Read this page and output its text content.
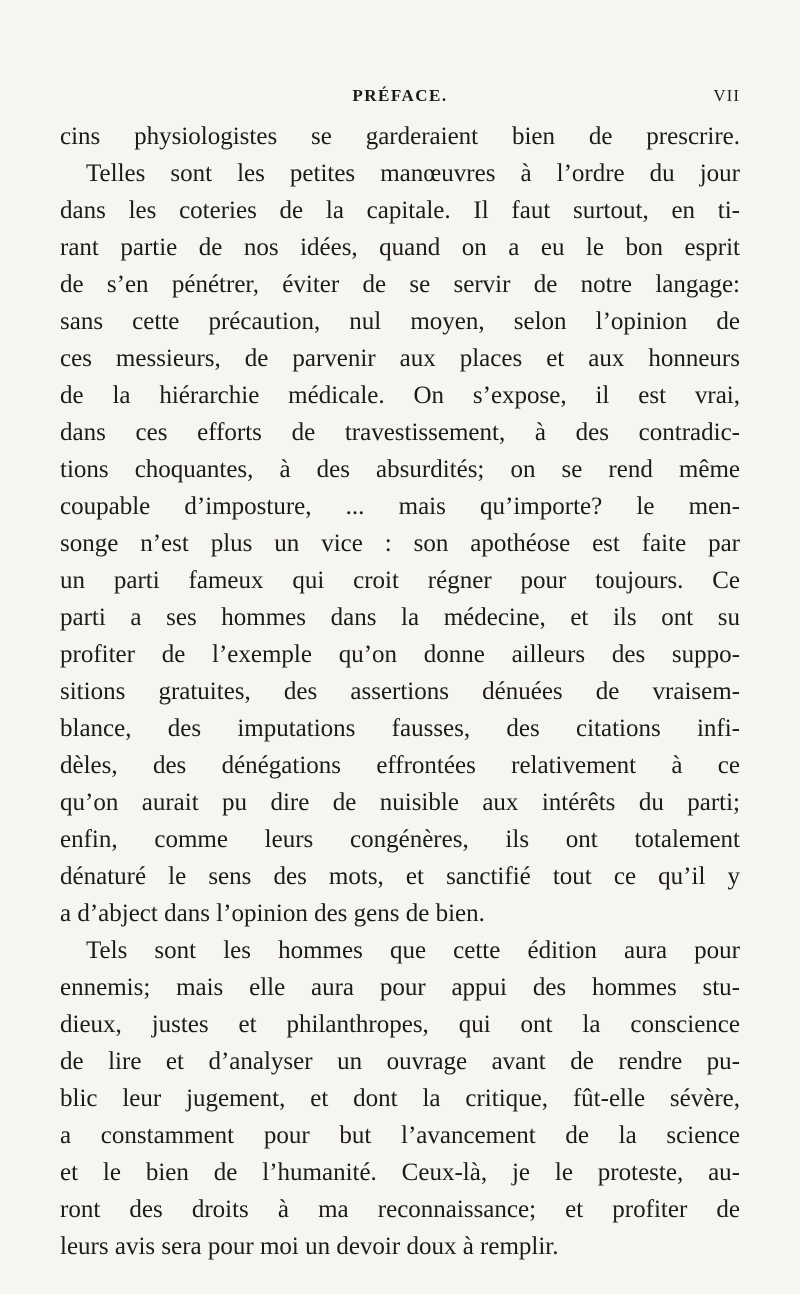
PRÉFACE.	VII
cins physiologistes se garderaient bien de prescrire.
Telles sont les petites manœuvres à l’ordre du jour
dans les coteries de la capitale. Il faut surtout, en ti-
rant partie de nos idées, quand on a eu le bon esprit
de s’en pénétrer, éviter de se servir de notre langage:
sans cette précaution, nul moyen, selon l’opinion de
ces messieurs, de parvenir aux places et aux honneurs
de la hiérarchie médicale. On s’expose, il est vrai,
dans ces efforts de travestissement, à des contradic-
tions choquantes, à des absurdités; on se rend même
coupable d’imposture, ... mais qu’importe? le men-
songe n’est plus un vice : son apothéose est faite par
un parti fameux qui croit régner pour toujours. Ce
parti a ses hommes dans la médecine, et ils ont su
profiter de l’exemple qu’on donne ailleurs des suppo-
sitions gratuites, des assertions dénuées de vraisem-
blance, des imputations fausses, des citations infi-
dèles, des dénégations effrontées relativement à ce
qu’on aurait pu dire de nuisible aux intérêts du parti;
enfin, comme leurs congénères, ils ont totalement
dénaturé le sens des mots, et sanctifié tout ce qu’il y
a d’abject dans l’opinion des gens de bien.
Tels sont les hommes que cette édition aura pour
ennemis; mais elle aura pour appui des hommes stu-
dieux, justes et philanthropes, qui ont la conscience
de lire et d’analyser un ouvrage avant de rendre pu-
blic leur jugement, et dont la critique, fût-elle sévère,
a constamment pour but l’avancement de la science
et le bien de l’humanité. Ceux-là, je le proteste, au-
ront des droits à ma reconnaissance; et profiter de
leurs avis sera pour moi un devoir doux à remplir.
